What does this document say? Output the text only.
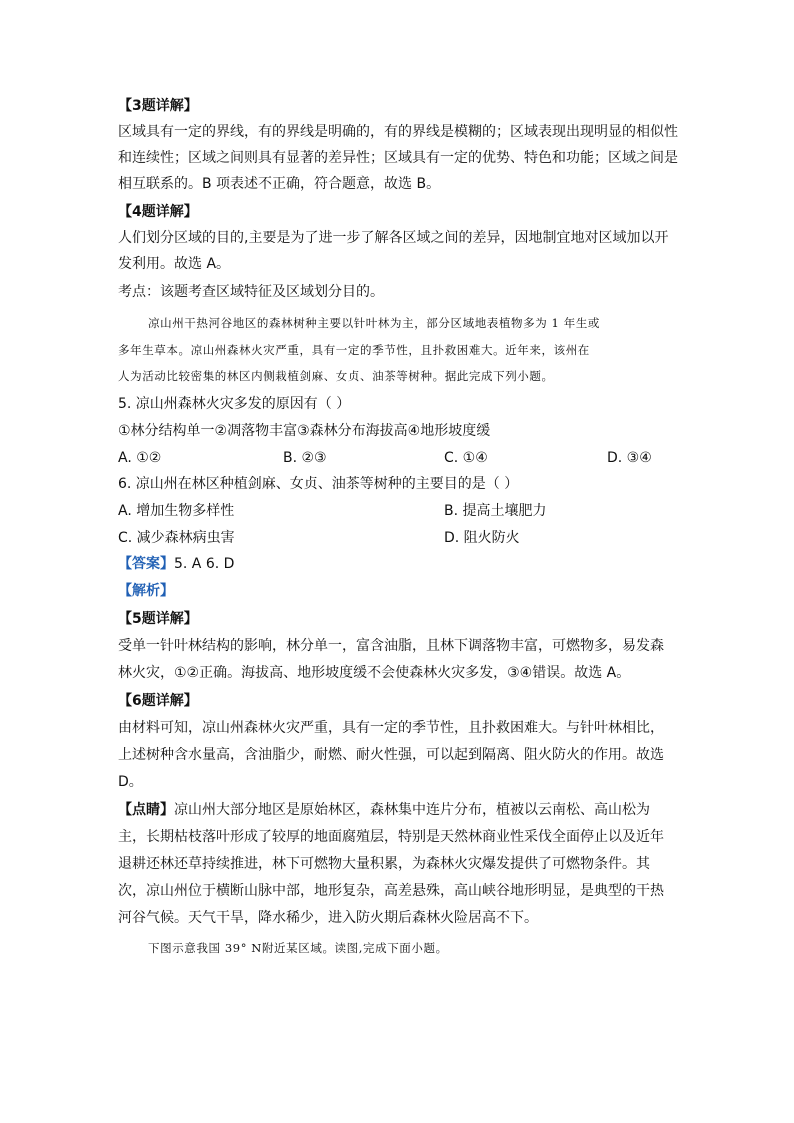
【3题详解】
区域具有一定的界线，有的界线是明确的，有的界线是模糊的；区域表现出现明显的相似性
和连续性；区域之间则具有显著的差异性；区域具有一定的优势、特色和功能；区域之间是
相互联系的。B 项表述不正确，符合题意，故选 B。
【4题详解】
人们划分区域的目的,主要是为了进一步了解各区域之间的差异，因地制宜地对区域加以开
发利用。故选 A。
考点：该题考查区域特征及区域划分目的。
凉山州干热河谷地区的森林树种主要以针叶林为主，部分区域地表植物多为 1 年生或
多年生草本。凉山州森林火灾严重，具有一定的季节性，且扑救困难大。近年来，该州在
人为活动比较密集的林区内侧栽植剑麻、女贞、油茶等树种。据此完成下列小题。
5. 凉山州森林火灾多发的原因有（ ）
①林分结构单一②凋落物丰富③森林分布海拔高④地形坡度缓
A. ①②	B. ②③	C. ①④	D. ③④
6. 凉山州在林区种植剑麻、女贞、油茶等树种的主要目的是（ ）
A. 增加生物多样性	B. 提高土壤肥力
C. 减少森林病虫害	D. 阻火防火
【答案】5. A 6. D
【解析】
【5题详解】
受单一针叶林结构的影响，林分单一，富含油脂，且林下调落物丰富，可燃物多，易发森
林火灾，①②正确。海拔高、地形坡度缓不会使森林火灾多发，③④错误。故选 A。
【6题详解】
由材料可知，凉山州森林火灾严重，具有一定的季节性，且扑救困难大。与针叶林相比，
上述树种含水量高，含油脂少，耐燃、耐火性强，可以起到隔离、阻火防火的作用。故选
D。
【点睛】凉山州大部分地区是原始林区，森林集中连片分布，植被以云南松、高山松为
主，长期枯枝落叶形成了较厚的地面腐殖层，特别是天然林商业性采伐全面停止以及近年
退耕还林还草持续推进，林下可燃物大量积累，为森林火灾爆发提供了可燃物条件。其
次，凉山州位于横断山脉中部，地形复杂，高差悬殊，高山峡谷地形明显，是典型的干热
河谷气候。天气干旱，降水稀少，进入防火期后森林火险居高不下。
下图示意我国 39° N附近某区域。读图,完成下面小题。
